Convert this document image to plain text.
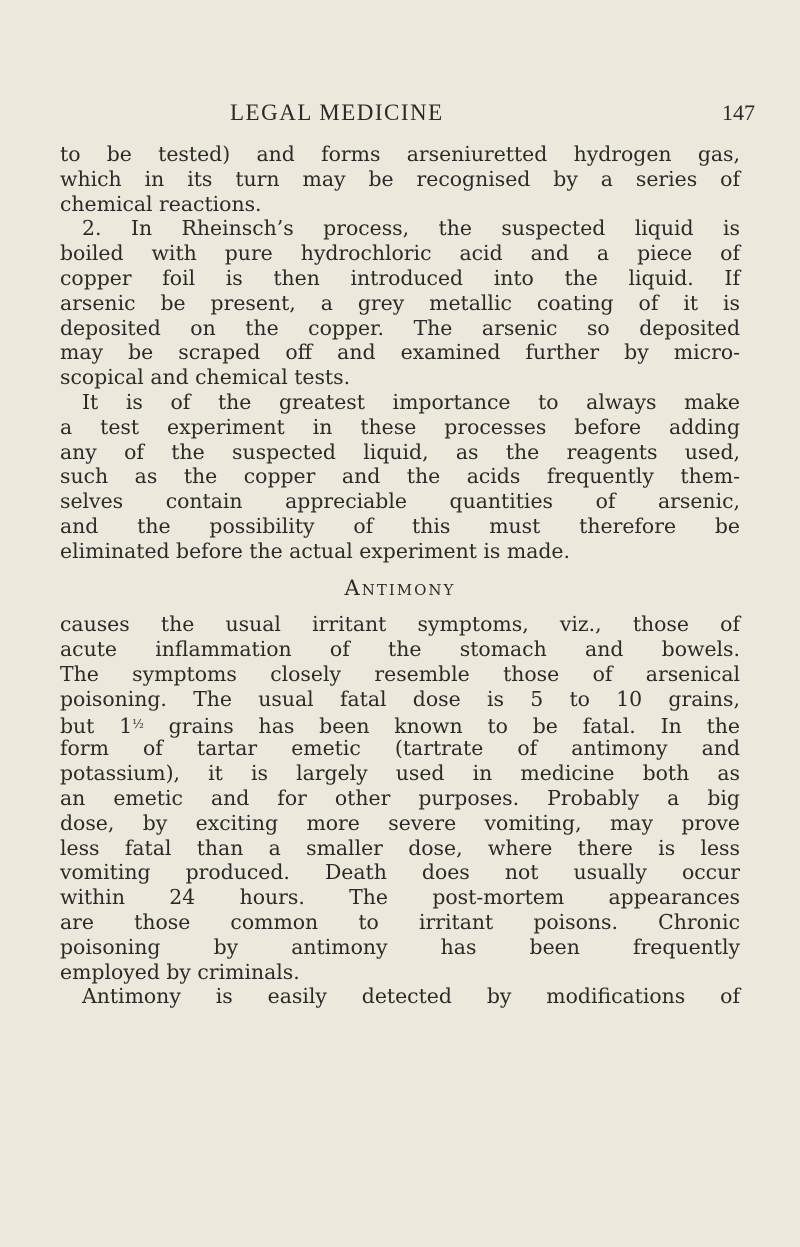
LEGAL MEDICINE	147
to be tested) and forms arseniuretted hydrogen gas,
which in its turn may be recognised by a series of
chemical reactions.
2. In Rheinsch’s process, the suspected liquid is
boiled with pure hydrochloric acid and a piece of
copper foil is then introduced into the liquid. If
arsenic be present, a grey metallic coating of it is
deposited on the copper. The arsenic so deposited
may be scraped off and examined further by micro-
scopical and chemical tests.
It is of the greatest importance to always make
a test experiment in these processes before adding
any of the suspected liquid, as the reagents used,
such as the copper and the acids frequently them-
selves contain appreciable quantities of arsenic,
and the possibility of this must therefore be
eliminated before the actual experiment is made.
Antimony
causes the usual irritant symptoms, viz., those of
acute inflammation of the stomach and bowels.
The symptoms closely resemble those of arsenical
poisoning. The usual fatal dose is 5 to 10 grains,
but $1^{\frac{1}{2}}$ grains has been known to be fatal. In the
form of tartar emetic (tartrate of antimony and
potassium), it is largely used in medicine both as
an emetic and for other purposes. Probably a big
dose, by exciting more severe vomiting, may prove
less fatal than a smaller dose, where there is less
vomiting produced. Death does not usually occur
within 24 hours. The post-mortem appearances
are those common to irritant poisons. Chronic
poisoning by antimony has been frequently
employed by criminals.
Antimony is easily detected by modifications of
